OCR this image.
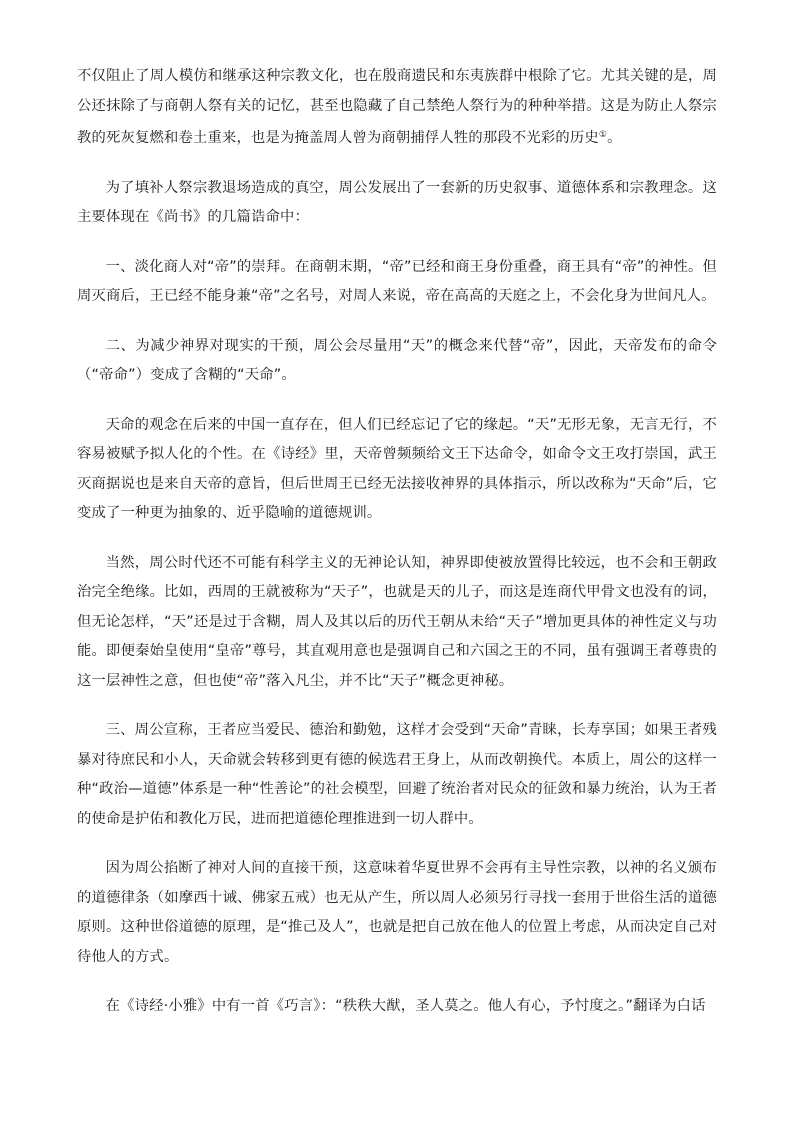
不仅阻止了周人模仿和继承这种宗教文化，也在殷商遗民和东夷族群中根除了它。尤其关键的是，周公还抹除了与商朝人祭有关的记忆，甚至也隐藏了自己禁绝人祭行为的种种举措。这是为防止人祭宗教的死灰复燃和卷土重来，也是为掩盖周人曾为商朝捕俘人牲的那段不光彩的历史①。

为了填补人祭宗教退场造成的真空，周公发展出了一套新的历史叙事、道德体系和宗教理念。这主要体现在《尚书》的几篇诰命中：

一、淡化商人对“帝”的崇拜。在商朝末期，“帝”已经和商王身份重叠，商王具有“帝”的神性。但周灭商后，王已经不能身兼“帝”之名号，对周人来说，帝在高高的天庭之上，不会化身为世间凡人。

二、为减少神界对现实的干预，周公会尽量用“天”的概念来代替“帝”，因此，天帝发布的命令（“帝命”）变成了含糊的“天命”。

天命的观念在后来的中国一直存在，但人们已经忘记了它的缘起。“天”无形无象，无言无行，不容易被赋予拟人化的个性。在《诗经》里，天帝曾频频给文王下达命令，如命令文王攻打崇国，武王灭商据说也是来自天帝的意旨，但后世周王已经无法接收神界的具体指示，所以改称为“天命”后，它变成了一种更为抽象的、近乎隐喻的道德规训。

当然，周公时代还不可能有科学主义的无神论认知，神界即使被放置得比较远，也不会和王朝政治完全绝缘。比如，西周的王就被称为“天子”，也就是天的儿子，而这是连商代甲骨文也没有的词，但无论怎样，“天”还是过于含糊，周人及其以后的历代王朝从未给“天子”增加更具体的神性定义与功能。即便秦始皇使用“皇帝”尊号，其直观用意也是强调自己和六国之王的不同，虽有强调王者尊贵的这一层神性之意，但也使“帝”落入凡尘，并不比“天子”概念更神秘。

三、周公宣称，王者应当爱民、德治和勤勉，这样才会受到“天命”青睐，长寿享国；如果王者残暴对待庶民和小人，天命就会转移到更有德的候选君王身上，从而改朝换代。本质上，周公的这样一种“政治—道德”体系是一种“性善论”的社会模型，回避了统治者对民众的征敛和暴力统治，认为王者的使命是护佑和教化万民，进而把道德伦理推进到一切人群中。

因为周公掐断了神对人间的直接干预，这意味着华夏世界不会再有主导性宗教，以神的名义颁布的道德律条（如摩西十诫、佛家五戒）也无从产生，所以周人必须另行寻找一套用于世俗生活的道德原则。这种世俗道德的原理，是“推己及人”，也就是把自己放在他人的位置上考虑，从而决定自己对待他人的方式。

在《诗经·小雅》中有一首《巧言》：“秩秩大猷，圣人莫之。他人有心，予忖度之。”翻译为白话
